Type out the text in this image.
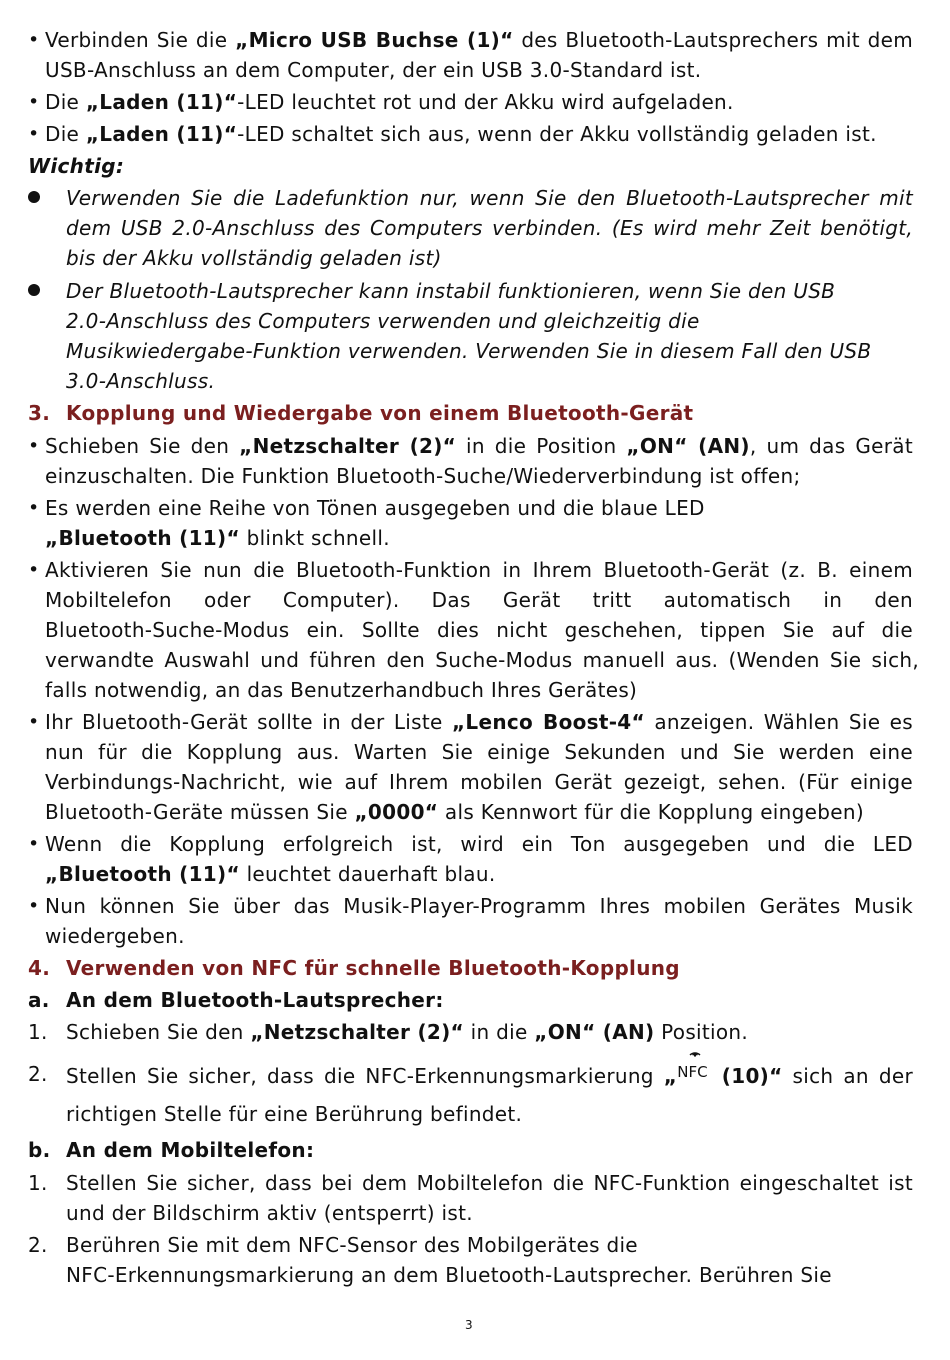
• Verbinden Sie die „Micro USB Buchse (1)“ des Bluetooth-Lautsprechers mit dem
USB-Anschluss an dem Computer, der ein USB 3.0-Standard ist.
• Die „Laden (11)“-LED leuchtet rot und der Akku wird aufgeladen.
• Die „Laden (11)“-LED schaltet sich aus, wenn der Akku vollständig geladen ist.
Wichtig:
Verwenden Sie die Ladefunktion nur, wenn Sie den Bluetooth-Lautsprecher mit
dem USB 2.0-Anschluss des Computers verbinden. (Es wird mehr Zeit benötigt,
bis der Akku vollständig geladen ist)
Der Bluetooth-Lautsprecher kann instabil funktionieren, wenn Sie den USB
2.0-Anschluss des Computers verwenden und gleichzeitig die
Musikwiedergabe-Funktion verwenden. Verwenden Sie in diesem Fall den USB
3.0-Anschluss.
3. Kopplung und Wiedergabe von einem Bluetooth-Gerät
• Schieben Sie den „Netzschalter (2)“ in die Position „ON“ (AN), um das Gerät
einzuschalten. Die Funktion Bluetooth-Suche/Wiederverbindung ist offen;
• Es werden eine Reihe von Tönen ausgegeben und die blaue LED
„Bluetooth (11)“ blinkt schnell.
• Aktivieren Sie nun die Bluetooth-Funktion in Ihrem Bluetooth-Gerät (z. B. einem
Mobiltelefon oder Computer). Das Gerät tritt automatisch in den
Bluetooth-Suche-Modus ein. Sollte dies nicht geschehen, tippen Sie auf die
verwandte Auswahl und führen den Suche-Modus manuell aus. (Wenden Sie sich,
falls notwendig, an das Benutzerhandbuch Ihres Gerätes)
• Ihr Bluetooth-Gerät sollte in der Liste „Lenco Boost-4“ anzeigen. Wählen Sie es
nun für die Kopplung aus. Warten Sie einige Sekunden und Sie werden eine
Verbindungs-Nachricht, wie auf Ihrem mobilen Gerät gezeigt, sehen. (Für einige
Bluetooth-Geräte müssen Sie „0000“ als Kennwort für die Kopplung eingeben)
• Wenn die Kopplung erfolgreich ist, wird ein Ton ausgegeben und die LED
„Bluetooth (11)“ leuchtet dauerhaft blau.
• Nun können Sie über das Musik-Player-Programm Ihres mobilen Gerätes Musik
wiedergeben.
4. Verwenden von NFC für schnelle Bluetooth-Kopplung
a. An dem Bluetooth-Lautsprecher:
1. Schieben Sie den „Netzschalter (2)“ in die „ON“ (AN) Position.
2. Stellen Sie sicher, dass die NFC-Erkennungsmarkierung „ NFC (10)“ sich an der
richtigen Stelle für eine Berührung befindet.
b. An dem Mobiltelefon:
1. Stellen Sie sicher, dass bei dem Mobiltelefon die NFC-Funktion eingeschaltet ist
und der Bildschirm aktiv (entsperrt) ist.
2. Berühren Sie mit dem NFC-Sensor des Mobilgerätes die
NFC-Erkennungsmarkierung an dem Bluetooth-Lautsprecher. Berühren Sie
3
